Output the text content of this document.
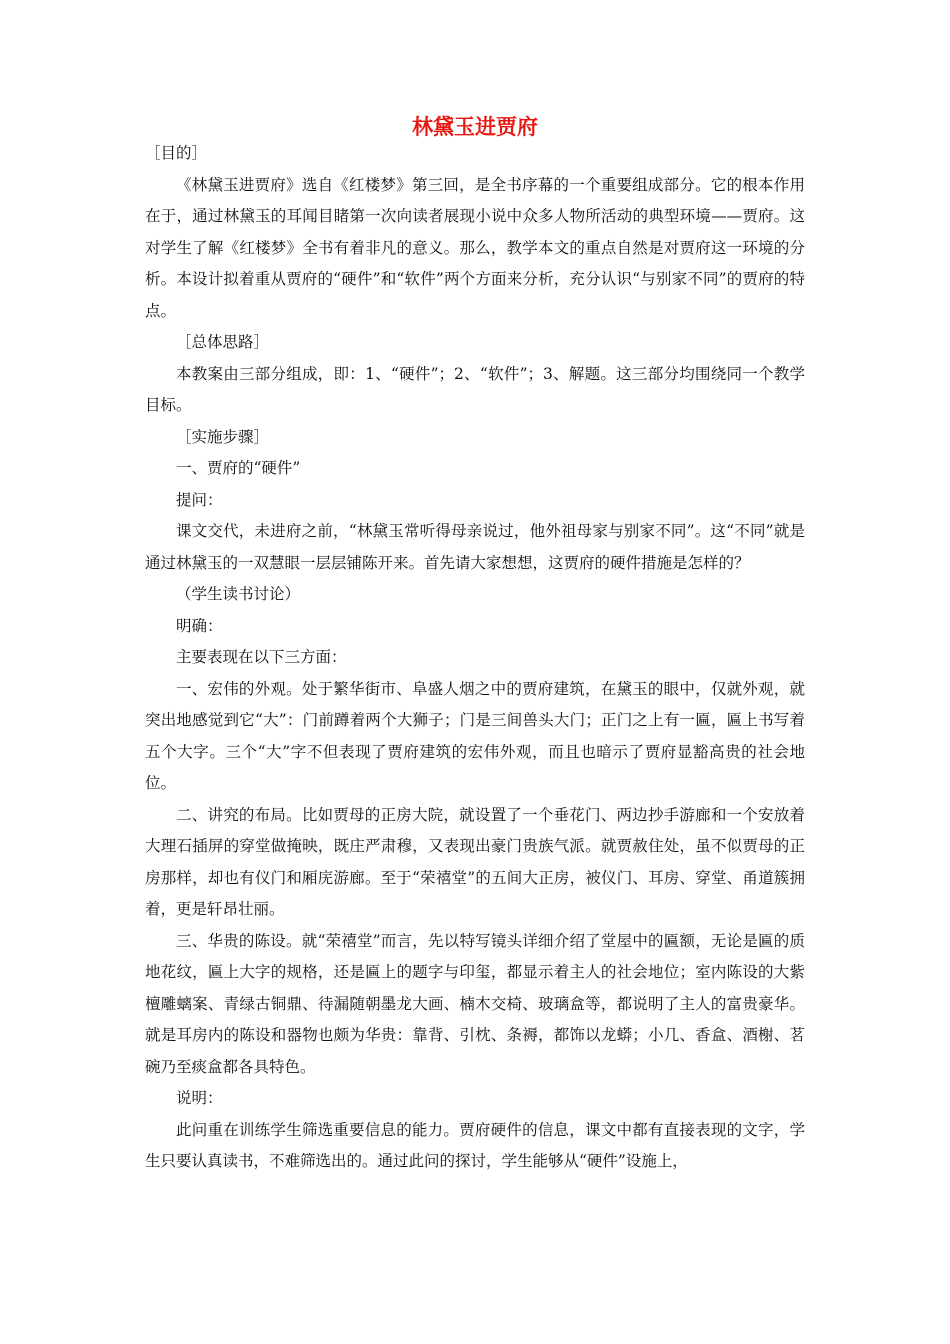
林黛玉进贾府

［目的］

《林黛玉进贾府》选自《红楼梦》第三回，是全书序幕的一个重要组成部分。它的根本作用在于，通过林黛玉的耳闻目睹第一次向读者展现小说中众多人物所活动的典型环境——贾府。这对学生了解《红楼梦》全书有着非凡的意义。那么，教学本文的重点自然是对贾府这一环境的分析。本设计拟着重从贾府的“硬件”和“软件”两个方面来分析，充分认识“与别家不同”的贾府的特点。

［总体思路］

本教案由三部分组成，即：1、“硬件”；2、“软件”；3、解题。这三部分均围绕同一个教学目标。

［实施步骤］

一、贾府的“硬件”

提问：

课文交代，未进府之前，“林黛玉常听得母亲说过，他外祖母家与别家不同”。这“不同”就是通过林黛玉的一双慧眼一层层铺陈开来。首先请大家想想，这贾府的硬件措施是怎样的？

（学生读书讨论）

明确：

主要表现在以下三方面：

一、宏伟的外观。处于繁华街市、阜盛人烟之中的贾府建筑，在黛玉的眼中，仅就外观，就突出地感觉到它“大”：门前蹲着两个大狮子；门是三间兽头大门；正门之上有一匾，匾上书写着五个大字。三个“大”字不但表现了贾府建筑的宏伟外观，而且也暗示了贾府显豁高贵的社会地位。

二、讲究的布局。比如贾母的正房大院，就设置了一个垂花门、两边抄手游廊和一个安放着大理石插屏的穿堂做掩映，既庄严肃穆，又表现出豪门贵族气派。就贾赦住处，虽不似贾母的正房那样，却也有仪门和厢庑游廊。至于“荣禧堂”的五间大正房，被仪门、耳房、穿堂、甬道簇拥着，更是轩昂壮丽。

三、华贵的陈设。就“荣禧堂”而言，先以特写镜头详细介绍了堂屋中的匾额，无论是匾的质地花纹，匾上大字的规格，还是匾上的题字与印玺，都显示着主人的社会地位；室内陈设的大紫檀雕螭案、青绿古铜鼎、待漏随朝墨龙大画、楠木交椅、玻璃盒等，都说明了主人的富贵豪华。就是耳房内的陈设和器物也颇为华贵：靠背、引枕、条褥，都饰以龙蟒；小几、香盒、酒榭、茗碗乃至痰盒都各具特色。

说明：

此问重在训练学生筛选重要信息的能力。贾府硬件的信息，课文中都有直接表现的文字，学生只要认真读书，不难筛选出的。通过此问的探讨，学生能够从“硬件”设施上，
